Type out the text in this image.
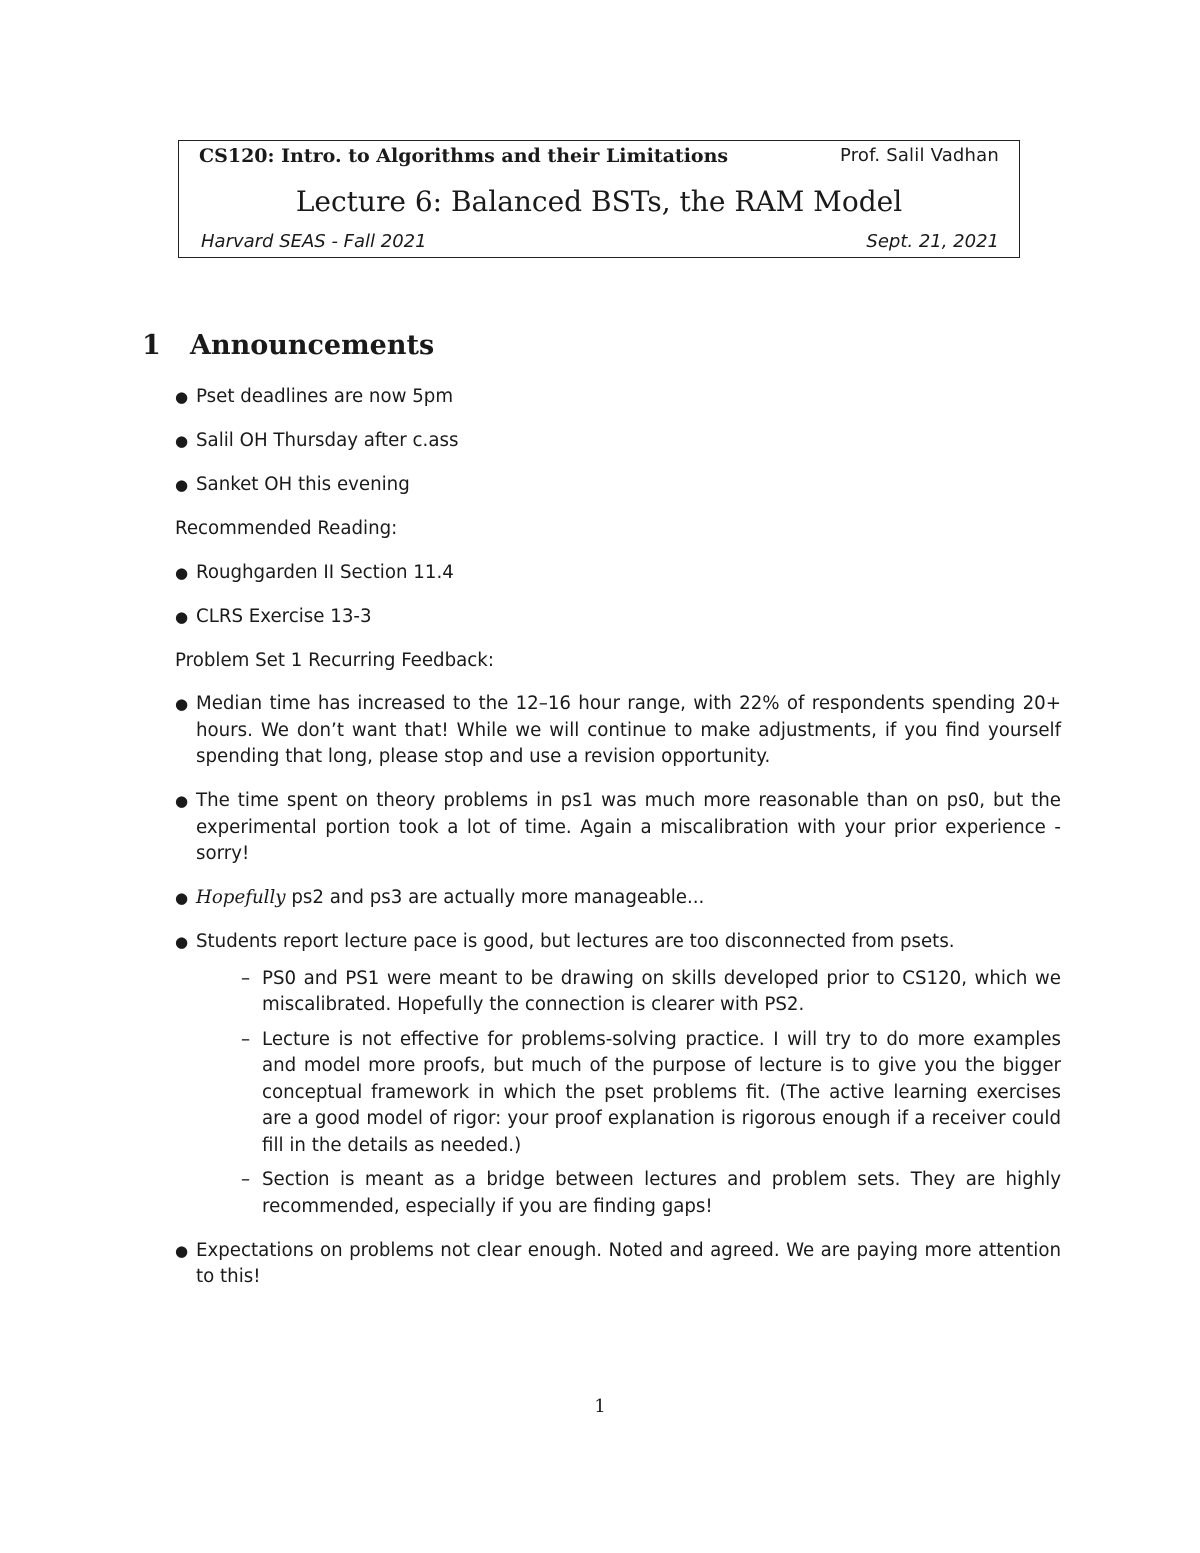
CS120: Intro. to Algorithms and their Limitations	Prof. Salil Vadhan
Lecture 6: Balanced BSTs, the RAM Model
Harvard SEAS - Fall 2021	Sept. 21, 2021
1 Announcements
● Pset deadlines are now 5pm
● Salil OH Thursday after c.ass
● Sanket OH this evening

Recommended Reading:

● Roughgarden II Section 11.4
● CLRS Exercise 13-3

Problem Set 1 Recurring Feedback:

● Median time has increased to the 12–16 hour range, with 22% of respondents spending 20+ hours. We don’t want that! While we will continue to make adjustments, if you find yourself spending that long, please stop and use a revision opportunity.
● The time spent on theory problems in ps1 was much more reasonable than on ps0, but the experimental portion took a lot of time. Again a miscalibration with your prior experience - sorry!
● Hopefully ps2 and ps3 are actually more manageable...
● Students report lecture pace is good, but lectures are too disconnected from psets.
– PS0 and PS1 were meant to be drawing on skills developed prior to CS120, which we miscalibrated. Hopefully the connection is clearer with PS2.
– Lecture is not effective for problems-solving practice. I will try to do more examples and model more proofs, but much of the purpose of lecture is to give you the bigger conceptual framework in which the pset problems fit. (The active learning exercises are a good model of rigor: your proof explanation is rigorous enough if a receiver could fill in the details as needed.)
– Section is meant as a bridge between lectures and problem sets. They are highly recommended, especially if you are finding gaps!
● Expectations on problems not clear enough. Noted and agreed. We are paying more attention to this!
1
